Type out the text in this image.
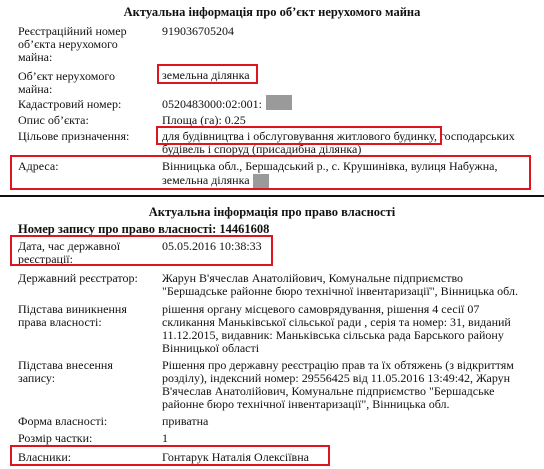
Актуальна інформація про об’єкт нерухомого майна
Реєстраційний номер
об’єкта нерухомого
майна:
919036705204
Об’єкт нерухомого
майна:
земельна ділянка
Кадастровий номер:	0520483000:02:001:
Опис об’єкта:	Площа (га): 0.25
Цільове призначення:	для будівництва і обслуговування житлового будинку, господарських
будівель і споруд (присадибна ділянка)
Адреса:	Вінницька обл., Бершадський р., с. Крушинівка, вулиця Набужна,
земельна ділянка
Актуальна інформація про право власності
Номер запису про право власності: 14461608
Дата, час державної
реєстрації:
05.05.2016 10:38:33
Державний реєстратор: Жарун В'ячеслав Анатолійович, Комунальне підприємство
"Бершадське районне бюро технічної інвентаризації", Вінницька обл.
Підстава виникнення
права власності:
рішення органу місцевого самоврядування, рішення 4 сесії 07
скликання Маньківської сільської ради , серія та номер: 31, виданий
11.12.2015, видавник: Маньківська сільська рада Барського району
Вінницької області
Підстава внесення
запису:
Рішення про державну реєстрацію прав та їх обтяжень (з відкриттям
розділу), індексний номер: 29556425 від 11.05.2016 13:49:42, Жарун
В'ячеслав Анатолійович, Комунальне підприємство "Бершадське
районне бюро технічної інвентаризації", Вінницька обл.
Форма власності:	приватна
Розмір частки:	1
Власники:	Гонтарук Наталія Олексіївна
